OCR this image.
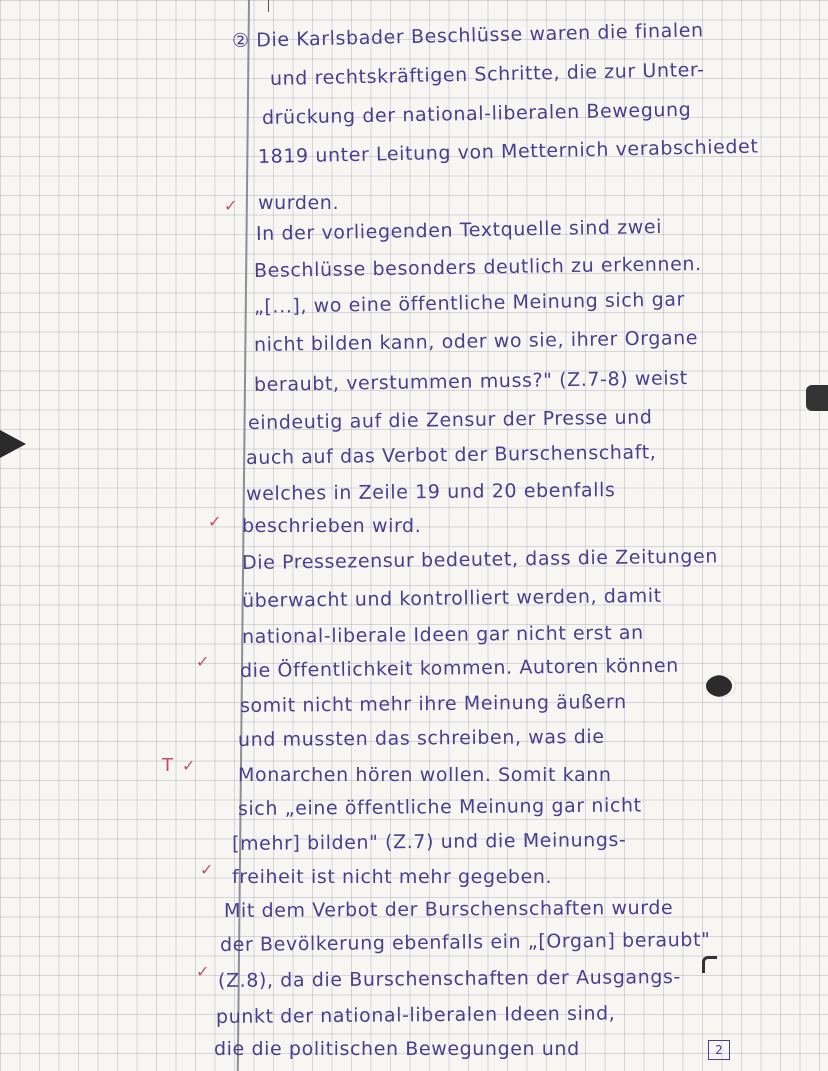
② Die Karlsbader Beschlüsse waren die finalen
und rechtskräftigen Schritte, die zur Unter-
drückung der national-liberalen Bewegung
1819 unter Leitung von Metternich verabschiedet
wurden.
In der vorliegenden Textquelle sind zwei
Beschlüsse besonders deutlich zu erkennen.
„[...], wo eine öffentliche Meinung sich gar
nicht bilden kann, oder wo sie, ihrer Organe
beraubt, verstummen muss?" (Z.7-8) weist
eindeutig auf die Zensur der Presse und
auch auf das Verbot der Burschenschaft,
welches in Zeile 19 und 20 ebenfalls
beschrieben wird.
Die Pressezensur bedeutet, dass die Zeitungen
überwacht und kontrolliert werden, damit
national-liberale Ideen gar nicht erst an
die Öffentlichkeit kommen. Autoren können
somit nicht mehr ihre Meinung äußern
und mussten das schreiben, was die
Monarchen hören wollen. Somit kann
sich „eine öffentliche Meinung gar nicht
[mehr] bilden" (Z.7) und die Meinungs-
freiheit ist nicht mehr gegeben.
Mit dem Verbot der Burschenschaften wurde
der Bevölkerung ebenfalls ein „[Organ] beraubt"
(Z.8), da die Burschenschaften der Ausgangs-
punkt der national-liberalen Ideen sind,
die die politischen Bewegungen und
✓
✓
✓
T ✓
✓
✓
2
